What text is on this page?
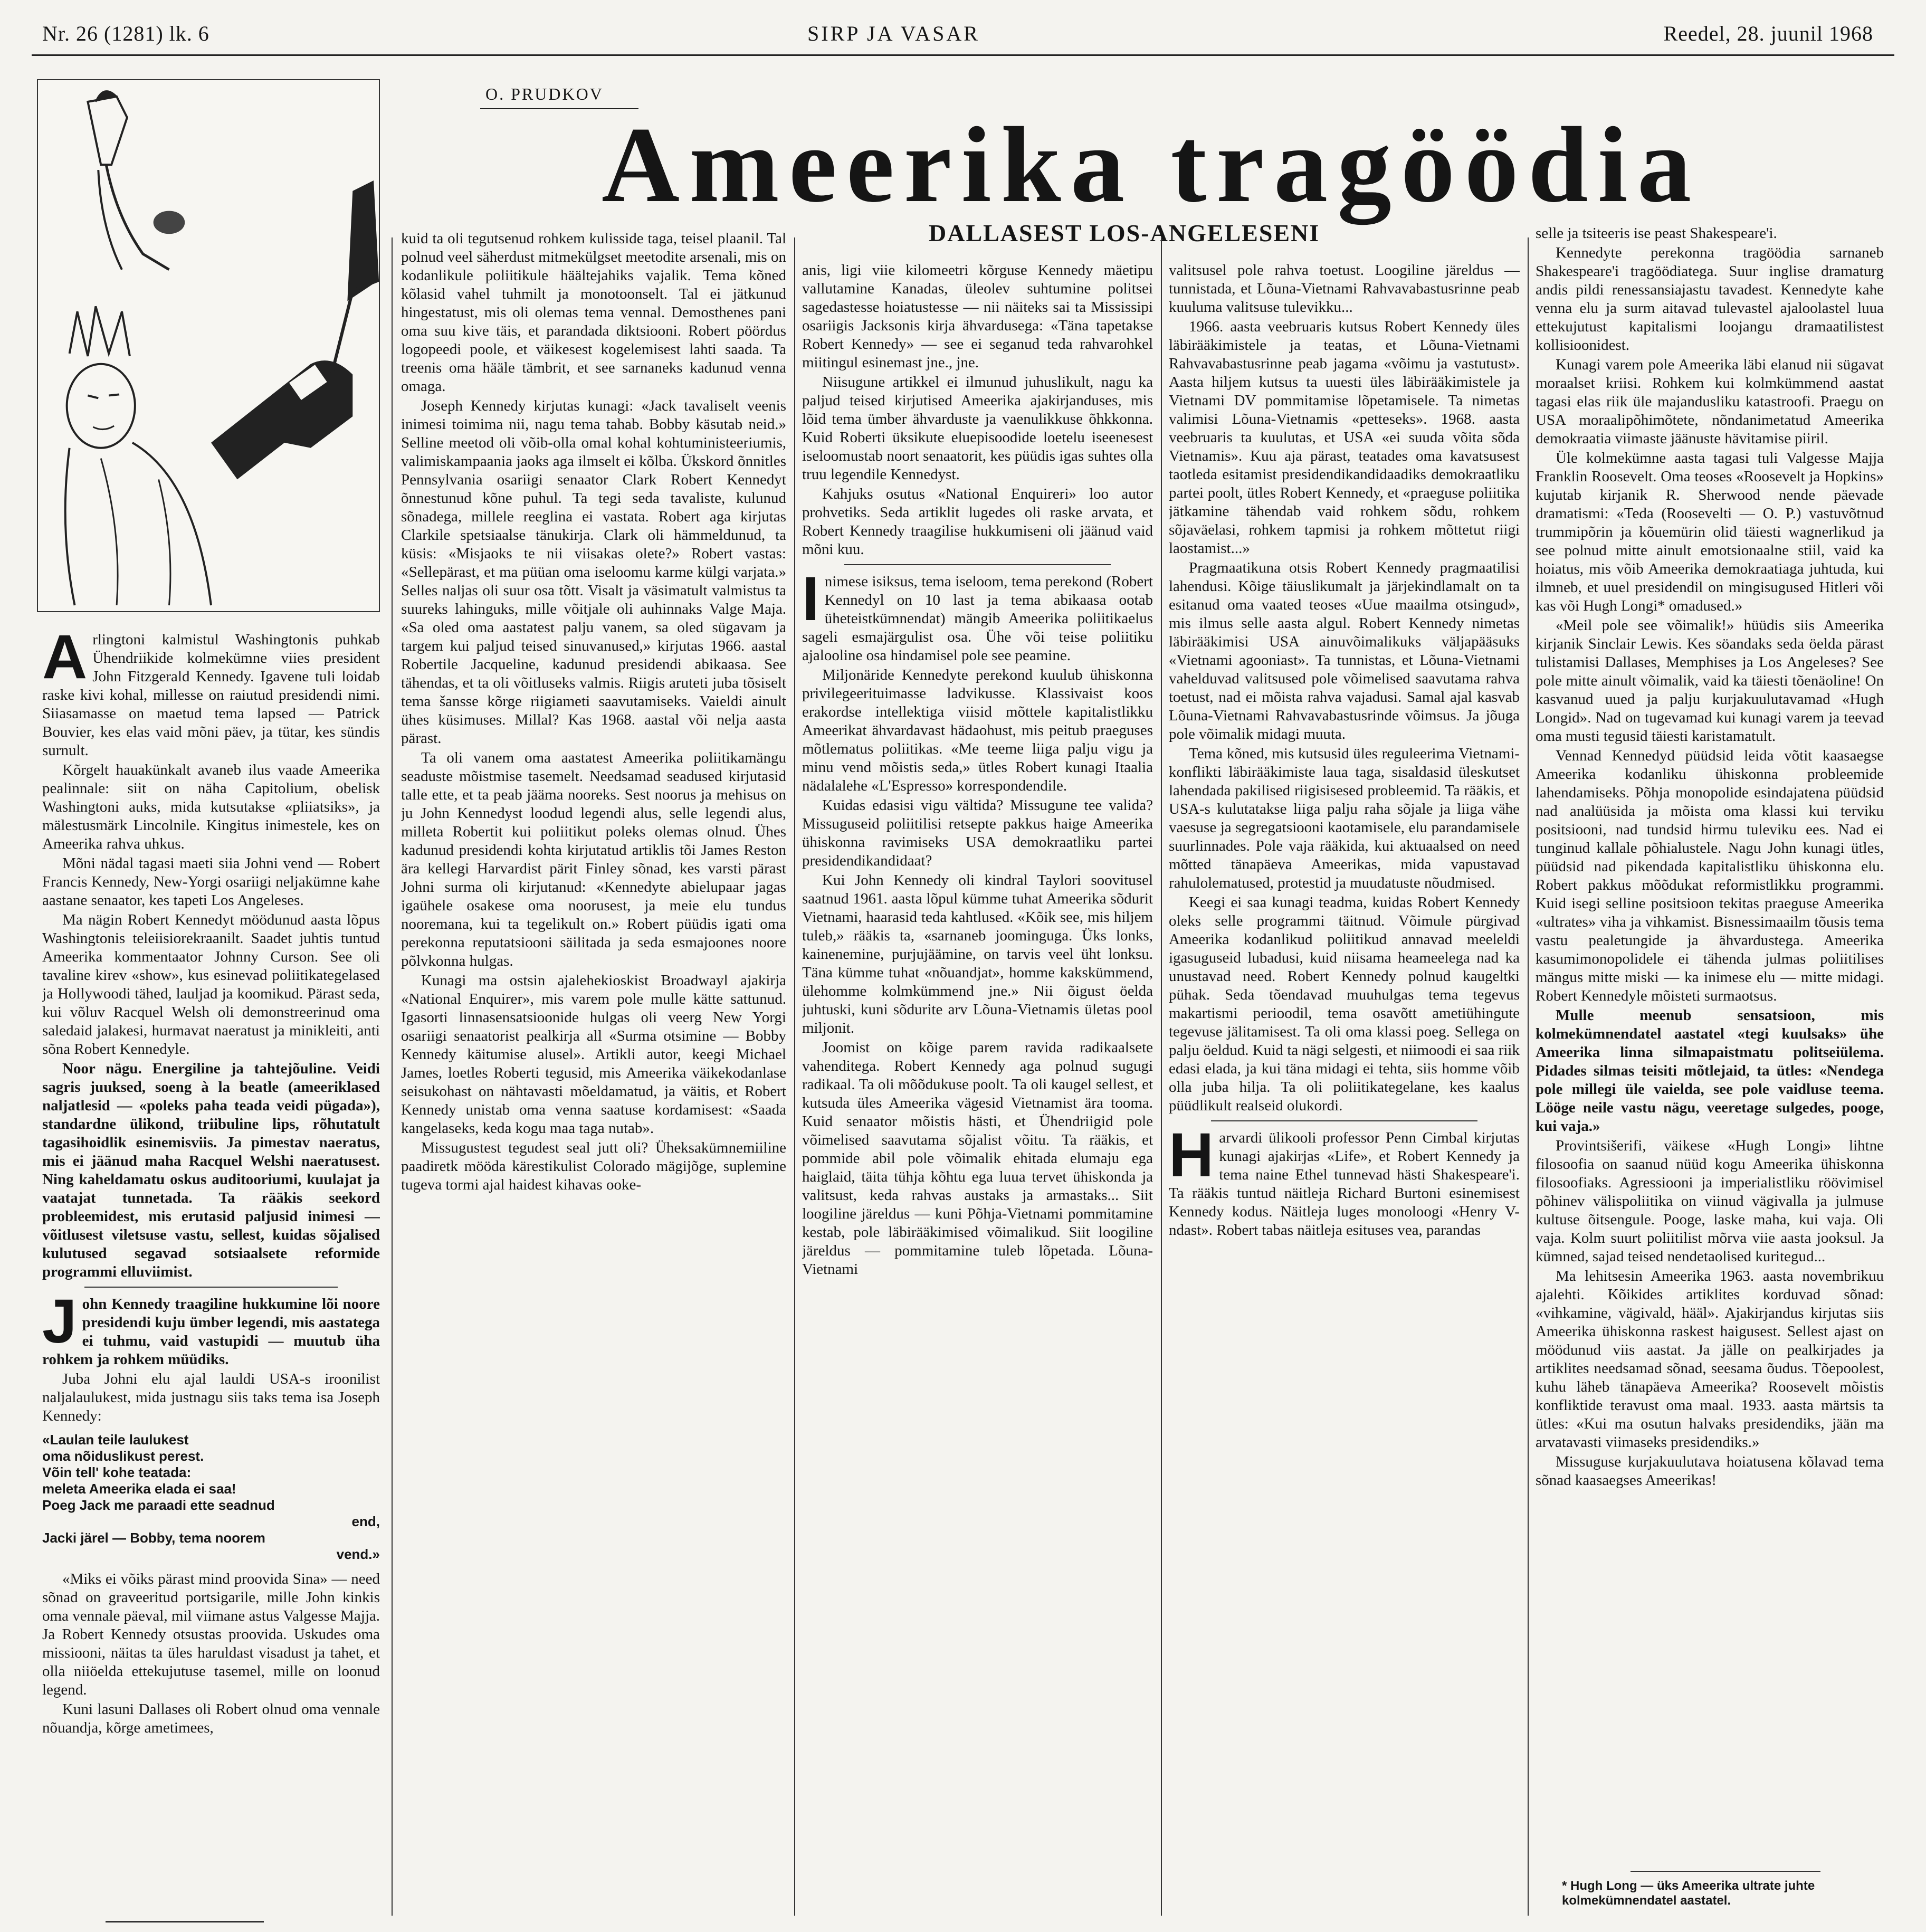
Nr. 26 (1281) lk. 6	SIRP JA VASAR	Reedel, 28. juunil 1968
O. PRUDKOV
Ameerika tragöödia
DALLASEST LOS-ANGELESENI

Arlingtoni kalmistul Washingtonis puhkab Ühendriikide kolmekümne viies president John Fitzgerald Kennedy. Igavene tuli loidab raske kivi kohal, millesse on raiutud presidendi nimi. Siiasamasse on maetud tema lapsed — Patrick Bouvier, kes elas vaid mõni päev, ja tütar, kes sündis surnult.

Kõrgelt hauakünkalt avaneb ilus vaade Ameerika pealinnale: siit on näha Capitolium, obelisk Washingtoni auks, mida kutsutakse «pliiatsiks», ja mälestusmärk Lincolnile. Kingitus inimestele, kes on Ameerika rahva uhkus.

Mõni nädal tagasi maeti siia Johni vend — Robert Francis Kennedy, New-Yorgi osariigi neljakümne kahe aastane senaator, kes tapeti Los Angeleses.

Ma nägin Robert Kennedyt möödunud aasta lõpus Washingtonis teleiisiorekraanilt. Saadet juhtis tuntud Ameerika kommentaator Johnny Curson. See oli tavaline kirev «show», kus esinevad poliitikategelased ja Hollywoodi tähed, lauljad ja koomikud. Pärast seda, kui võluv Racquel Welsh oli demonstreerinud oma saledaid jalakesi, hurmavat naeratust ja minikleiti, anti sõna Robert Kennedyle.

Noor nägu. Energiline ja tahtejõuline. Veidi sagris juuksed, soeng à la beatle (ameeriklased naljatlesid — «poleks paha teada veidi pügada»), standardne ülikond, triibuline lips, rõhutatult tagasihoidlik esinemisviis. Ja pimestav naeratus, mis ei jäänud maha Racquel Welshi naeratusest. Ning kaheldamatu oskus auditooriumi, kuulajat ja vaatajat tunnetada. Ta rääkis seekord probleemidest, mis erutasid paljusid inimesi — võitlusest viletsuse vastu, sellest, kuidas sõjalised kulutused segavad sotsiaalsete reformide programmi elluviimist.

John Kennedy traagiline hukkumine lõi noore presidendi kuju ümber legendi, mis aastatega ei tuhmu, vaid vastupidi — muutub üha rohkem ja rohkem müüdiks.

Juba Johni elu ajal lauldi USA-s iroonilist naljalaulukest, mida justnagu siis taks tema isa Joseph Kennedy:

«Laulan teile laulukest
oma nõiduslikust perest.
Võin tell' kohe teatada:
meleta Ameerika elada ei saa!
Poeg Jack me paraadi ette seadnud
end,
Jacki järel — Bobby, tema noorem
vend.»

«Miks ei võiks pärast mind proovida Sina» — need sõnad on graveeritud portsigarile, mille John kinkis oma vennale päeval, mil viimane astus Valgesse Majja. Ja Robert Kennedy otsustas proovida. Uskudes oma missiooni, näitas ta üles haruldast visadust ja tahet, et olla niiöelda ettekujutuse tasemel, mille on loonud legend.

Kuni lasuni Dallases oli Robert olnud oma vennale nõuandja, kõrge ametimees,

kuid ta oli tegutsenud rohkem kulisside taga, teisel plaanil. Tal polnud veel säherdust mitmekülgset meetodite arsenali, mis on kodanlikule poliitikule häältejahiks vajalik. Tema kõned kõlasid vahel tuhmilt ja monotoonselt. Tal ei jätkunud hingestatust, mis oli olemas tema vennal. Demosthenes pani oma suu kive täis, et parandada diktsiooni. Robert pöördus logopeedi poole, et väikesest kogelemisest lahti saada. Ta treenis oma hääle tämbrit, et see sarnaneks kadunud venna omaga.

Joseph Kennedy kirjutas kunagi: «Jack tavaliselt veenis inimesi toimima nii, nagu tema tahab. Bobby käsutab neid.» Selline meetod oli võib-olla omal kohal kohtuministeeriumis, valimiskampaania jaoks aga ilmselt ei kõlba. Ükskord õnnitles Pennsylvania osariigi senaator Clark Robert Kennedyt õnnestunud kõne puhul. Ta tegi seda tavaliste, kulunud sõnadega, millele reeglina ei vastata. Robert aga kirjutas Clarkile spetsiaalse tänukirja. Clark oli hämmeldunud, ta küsis: «Misjaoks te nii viisakas olete?» Robert vastas: «Sellepärast, et ma püüan oma iseloomu karme külgi varjata.» Selles naljas oli suur osa tõtt. Visalt ja väsimatult valmistus ta suureks lahinguks, mille võitjale oli auhinnaks Valge Maja. «Sa oled oma aastatest palju vanem, sa oled sügavam ja targem kui paljud teised sinuvanused,» kirjutas 1966. aastal Robertile Jacqueline, kadunud presidendi abikaasa. See tähendas, et ta oli võitluseks valmis. Riigis aruteti juba tõsiselt tema šansse kõrge riigiameti saavutamiseks. Vaieldi ainult ühes küsimuses. Millal? Kas 1968. aastal või nelja aasta pärast.

Ta oli vanem oma aastatest Ameerika poliitikamängu seaduste mõistmise tasemelt. Needsamad seadused kirjutasid talle ette, et ta peab jääma nooreks. Sest noorus ja mehisus on ju John Kennedyst loodud legendi alus, selle legendi alus, milleta Robertit kui poliitikut poleks olemas olnud. Ühes kadunud presidendi kohta kirjutatud artiklis tõi James Reston ära kellegi Harvardist pärit Finley sõnad, kes varsti pärast Johni surma oli kirjutanud: «Kennedyte abielupaar jagas igaühele osakese oma noorusest, ja meie elu tundus nooremana, kui ta tegelikult on.» Robert püüdis igati oma perekonna reputatsiooni säilitada ja seda esmajoones noore põlvkonna hulgas.

Kunagi ma ostsin ajalehekioskist Broadwayl ajakirja «National Enquirer», mis varem pole mulle kätte sattunud. Igasorti linnasensatsioonide hulgas oli veerg New Yorgi osariigi senaatorist pealkirja all «Surma otsimine — Bobby Kennedy käitumise alusel». Artikli autor, keegi Michael James, loetles Roberti tegusid, mis Ameerika väikekodanlase seisukohast on nähtavasti mõeldamatud, ja väitis, et Robert Kennedy unistab oma venna saatuse kordamisest: «Saada kangelaseks, keda kogu maa taga nutab».

Missugustest tegudest seal jutt oli? Üheksakümnemiiline paadiretk mööda kärestikulist Colorado mägijõge, suplemine tugeva tormi ajal haidest kihavas ooke-

anis, ligi viie kilomeetri kõrguse Kennedy mäetipu vallutamine Kanadas, üleolev suhtumine politsei sagedastesse hoiatustesse — nii näiteks sai ta Mississipi osariigis Jacksonis kirja ähvardusega: «Täna tapetakse Robert Kennedy» — see ei seganud teda rahvarohkel miitingul esinemast jne., jne.

Niisugune artikkel ei ilmunud juhuslikult, nagu ka paljud teised kirjutised Ameerika ajakirjanduses, mis lõid tema ümber ähvarduste ja vaenulikkuse õhkkonna. Kuid Roberti üksikute eluepisoodide loetelu iseenesest iseloomustab noort senaatorit, kes püüdis igas suhtes olla truu legendile Kennedyst.

Kahjuks osutus «National Enquireri» loo autor prohvetiks. Seda artiklit lugedes oli raske arvata, et Robert Kennedy traagilise hukkumiseni oli jäänud vaid mõni kuu.

Inimese isiksus, tema iseloom, tema perekond (Robert Kennedyl on 10 last ja tema abikaasa ootab üheteistkümnendat) mängib Ameerika poliitikaelus sageli esmajärgulist osa. Ühe või teise poliitiku ajalooline osa hindamisel pole see peamine.

Miljonäride Kennedyte perekond kuulub ühiskonna privilegeerituimasse ladvikusse. Klassivaist koos erakordse intellektiga viisid mõttele kapitalistlikku Ameerikat ähvardavast hädaohust, mis peitub praeguses mõtlematus poliitikas. «Me teeme liiga palju vigu ja minu vend mõistis seda,» ütles Robert kunagi Itaalia nädalalehe «L'Espresso» korrespondendile.

Kuidas edasisi vigu vältida? Missugune tee valida? Missuguseid poliitilisi retsepte pakkus haige Ameerika ühiskonna ravimiseks USA demokraatliku partei presidendikandidaat?

Kui John Kennedy oli kindral Taylori soovitusel saatnud 1961. aasta lõpul kümme tuhat Ameerika sõdurit Vietnami, haarasid teda kahtlused. «Kõik see, mis hiljem tuleb,» rääkis ta, «sarnaneb joominguga. Üks lonks, kainenemine, purjujäämine, on tarvis veel üht lonksu. Täna kümme tuhat «nõuandjat», homme kakskümmend, ülehomme kolmkümmend jne.» Nii õigust öelda juhtuski, kuni sõdurite arv Lõuna-Vietnamis ületas pool miljonit.

Joomist on kõige parem ravida radikaalsete vahenditega. Robert Kennedy aga polnud sugugi radikaal. Ta oli mõõdukuse poolt. Ta oli kaugel sellest, et kutsuda üles Ameerika vägesid Vietnamist ära tooma. Kuid senaator mõistis hästi, et Ühendriigid pole võimelised saavutama sõjalist võitu. Ta rääkis, et pommide abil pole võimalik ehitada elumaju ega haiglaid, täita tühja kõhtu ega luua tervet ühiskonda ja valitsust, keda rahvas austaks ja armastaks... Siit loogiline järeldus — kuni Põhja-Vietnami pommitamine kestab, pole läbirääkimised võimalikud. Siit loogiline järeldus — pommitamine tuleb lõpetada. Lõuna-Vietnami

valitsusel pole rahva toetust. Loogiline järeldus — tunnistada, et Lõuna-Vietnami Rahvavabastusrinne peab kuuluma valitsuse tulevikku...

1966. aasta veebruaris kutsus Robert Kennedy üles läbirääkimistele ja teatas, et Lõuna-Vietnami Rahvavabastusrinne peab jagama «võimu ja vastutust». Aasta hiljem kutsus ta uuesti üles läbirääkimistele ja Vietnami DV pommitamise lõpetamisele. Ta nimetas valimisi Lõuna-Vietnamis «petteseks». 1968. aasta veebruaris ta kuulutas, et USA «ei suuda võita sõda Vietnamis». Kuu aja pärast, teatades oma kavatsusest taotleda esitamist presidendikandidaadiks demokraatliku partei poolt, ütles Robert Kennedy, et «praeguse poliitika jätkamine tähendab vaid rohkem sõdu, rohkem sõjaväelasi, rohkem tapmisi ja rohkem mõttetut riigi laostamist...»

Pragmaatikuna otsis Robert Kennedy pragmaatilisi lahendusi. Kõige täiuslikumalt ja järjekindlamalt on ta esitanud oma vaated teoses «Uue maailma otsingud», mis ilmus selle aasta algul. Robert Kennedy nimetas läbirääkimisi USA ainuvõimalikuks väljapääsuks «Vietnami agooniast». Ta tunnistas, et Lõuna-Vietnami vahelduvad valitsused pole võimelised saavutama rahva toetust, nad ei mõista rahva vajadusi. Samal ajal kasvab Lõuna-Vietnami Rahvavabastusrinde võimsus. Ja jõuga pole võimalik midagi muuta.

Tema kõned, mis kutsusid üles reguleerima Vietnami-konflikti läbirääkimiste laua taga, sisaldasid üleskutset lahendada pakilised riigisisesed probleemid. Ta rääkis, et USA-s kulutatakse liiga palju raha sõjale ja liiga vähe vaesuse ja segregatsiooni kaotamisele, elu parandamisele suurlinnades. Pole vaja rääkida, kui aktuaalsed on need mõtted tänapäeva Ameerikas, mida vapustavad rahulolematused, protestid ja muudatuste nõudmised.

Keegi ei saa kunagi teadma, kuidas Robert Kennedy oleks selle programmi täitnud. Võimule pürgivad Ameerika kodanlikud poliitikud annavad meeleldi igasuguseid lubadusi, kuid niisama heameelega nad ka unustavad need. Robert Kennedy polnud kaugeltki pühak. Seda tõendavad muuhulgas tema tegevus makartismi perioodil, tema osavõtt ametiühingute tegevuse jälitamisest. Ta oli oma klassi poeg. Sellega on palju öeldud. Kuid ta nägi selgesti, et niimoodi ei saa riik edasi elada, ja kui täna midagi ei tehta, siis homme võib olla juba hilja. Ta oli poliitikategelane, kes kaalus püüdlikult realseid olukordi.

Harvardi ülikooli professor Penn Cimbal kirjutas kunagi ajakirjas «Life», et Robert Kennedy ja tema naine Ethel tunnevad hästi Shakespeare'i. Ta rääkis tuntud näitleja Richard Burtoni esinemisest Kennedy kodus. Näitleja luges monoloogi «Henry V-ndast». Robert tabas näitleja esituses vea, parandas

selle ja tsiteeris ise peast Shakespeare'i.

Kennedyte perekonna tragöödia sarnaneb Shakespeare'i tragöödiatega. Suur inglise dramaturg andis pildi renessansiajastu tavadest. Kennedyte kahe venna elu ja surm aitavad tulevastel ajaloolastel luua ettekujutust kapitalismi loojangu dramaatilistest kollisioonidest.

Kunagi varem pole Ameerika läbi elanud nii sügavat moraalset kriisi. Rohkem kui kolmkümmend aastat tagasi elas riik üle majandusliku katastroofi. Praegu on USA moraalipõhimõtete, nõndanimetatud Ameerika demokraatia viimaste jäänuste hävitamise piiril.

Üle kolmekümne aasta tagasi tuli Valgesse Majja Franklin Roosevelt. Oma teoses «Roosevelt ja Hopkins» kujutab kirjanik R. Sherwood nende päevade dramatismi: «Teda (Roosevelti — O. P.) vastuvõtnud trummipõrin ja kõuemürin olid täiesti wagnerlikud ja see polnud mitte ainult emotsionaalne stiil, vaid ka hoiatus, mis võib Ameerika demokraatiaga juhtuda, kui ilmneb, et uuel presidendil on mingisugused Hitleri või kas või Hugh Longi* omadused.»

«Meil pole see võimalik!» hüüdis siis Ameerika kirjanik Sinclair Lewis. Kes söandaks seda öelda pärast tulistamisi Dallases, Memphises ja Los Angeleses? See pole mitte ainult võimalik, vaid ka täiesti tõenäoline! On kasvanud uued ja palju kurjakuulutavamad «Hugh Longid». Nad on tugevamad kui kunagi varem ja teevad oma musti tegusid täiesti karistamatult.

Vennad Kennedyd püüdsid leida võtit kaasaegse Ameerika kodanliku ühiskonna probleemide lahendamiseks. Põhja monopolide esindajatena püüdsid nad analüüsida ja mõista oma klassi kui terviku positsiooni, nad tundsid hirmu tuleviku ees. Nad ei tunginud kallale põhialustele. Nagu John kunagi ütles, püüdsid nad pikendada kapitalistliku ühiskonna elu. Robert pakkus mõõdukat reformistlikku programmi. Kuid isegi selline positsioon tekitas praeguse Ameerika «ultrates» viha ja vihkamist. Bisnessimaailm tõusis tema vastu pealetungide ja ähvardustega. Ameerika kasumimonopolidele ei tähenda julmas poliitilises mängus mitte miski — ka inimese elu — mitte midagi. Robert Kennedyle mõisteti surmaotsus.

Mulle meenub sensatsioon, mis kolmekümnendatel aastatel «tegi kuulsaks» ühe Ameerika linna silmapaistmatu politseiülema. Pidades silmas teisiti mõtlejaid, ta ütles: «Nendega pole millegi üle vaielda, see pole vaidluse teema. Lööge neile vastu nägu, veeretage sulgedes, pooge, kui vaja.»

Provintsišerifi, väikese «Hugh Longi» lihtne filosoofia on saanud nüüd kogu Ameerika ühiskonna filosoofiaks. Agressiooni ja imperialistliku röövimisel põhinev välispoliitika on viinud vägivalla ja julmuse kultuse õitsengule. Pooge, laske maha, kui vaja. Oli vaja. Kolm suurt poliitilist mõrva viie aasta jooksul. Ja kümned, sajad teised nendetaolised kuritegud...

Ma lehitsesin Ameerika 1963. aasta novembrikuu ajalehti. Kõikides artiklites korduvad sõnad: «vihkamine, vägivald, hääl». Ajakirjandus kirjutas siis Ameerika ühiskonna raskest haigusest. Sellest ajast on möödunud viis aastat. Ja jälle on pealkirjades ja artiklites needsamad sõnad, seesama õudus. Tõepoolest, kuhu läheb tänapäeva Ameerika? Roosevelt mõistis konfliktide teravust oma maal. 1933. aasta märtsis ta ütles: «Kui ma osutun halvaks presidendiks, jään ma arvatavasti viimaseks presidendiks.»

Missuguse kurjakuulutava hoiatusena kõlavad tema sõnad kaasaegses Ameerikas!

* Hugh Long — üks Ameerika ultrate juhte kolmekümnendatel aastatel.
